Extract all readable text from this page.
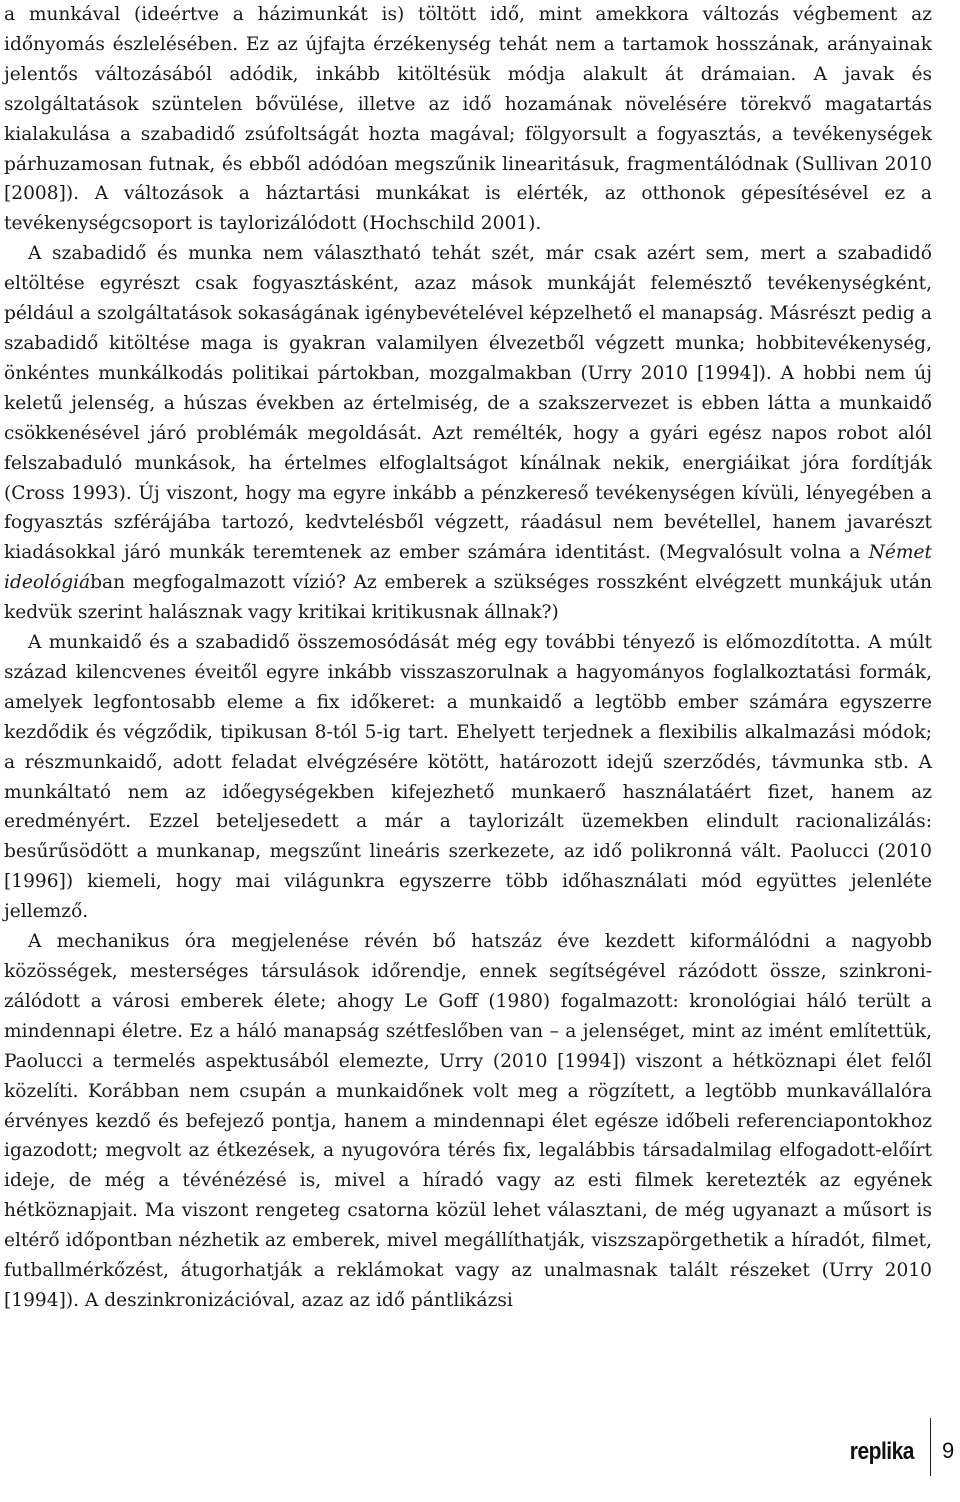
a munkával (ideértve a házimunkát is) töltött idő, mint amekkora változás végbement az időnyomás észlelésében. Ez az újfajta érzékenység tehát nem a tartamok hosszának, arányainak jelentős változásából adódik, inkább kitöltésük módja alakult át drámaian. A javak és szolgáltatások szüntelen bővülése, illetve az idő hozamának növelésére törekvő magatartás kialakulása a szabadidő zsúfoltságát hozta magával; fölgyorsult a fogyasztás, a tevékenységek párhuzamosan futnak, és ebből adódóan megszűnik linearitásuk, fragmentálódnak (Sullivan 2010 [2008]). A változások a háztartási munkákat is elérték, az otthonok gépesítésével ez a tevékenységcsoport is taylorizálódott (Hochschild 2001).

A szabadidő és munka nem választható tehát szét, már csak azért sem, mert a szabadidő eltöltése egyrészt csak fogyasztásként, azaz mások munkáját felemésztő tevékenységként, például a szolgáltatások sokaságának igénybevételével képzelhető el manapság. Másrészt pedig a szabadidő kitöltése maga is gyakran valamilyen élvezetből végzett munka; hobbitevékenység, önkéntes munkálkodás politikai pártokban, mozgalmakban (Urry 2010 [1994]). A hobbi nem új keletű jelenség, a húszas években az értelmiség, de a szakszervezet is ebben látta a munkaidő csökkenésével járó problémák megoldását. Azt remélték, hogy a gyári egész napos robot alól felszabaduló munkások, ha értelmes elfoglaltságot kínálnak nekik, energiáikat jóra fordítják (Cross 1993). Új viszont, hogy ma egyre inkább a pénzkereső tevékenységen kívüli, lényegében a fogyasztás szférájába tartozó, kedvtelésből végzett, ráadásul nem bevétellel, hanem javarészt kiadásokkal járó munkák teremtenek az ember számára identitást. (Megvalósult volna a Német ideológiában megfogalmazott vízió? Az emberek a szükséges rosszként elvégzett munkájuk után kedvük szerint halásznak vagy kritikai kritikusnak állnak?)

A munkaidő és a szabadidő összemosódását még egy további tényező is előmozdította. A múlt század kilencvenes éveitől egyre inkább visszaszorulnak a hagyományos foglalkoztatási formák, amelyek legfontosabb eleme a fix időkeret: a munkaidő a legtöbb ember számára egyszerre kezdődik és végződik, tipikusan 8-tól 5-ig tart. Ehelyett terjednek a flexibilis alkalmazási módok; a részmunkaidő, adott feladat elvégzésére kötött, határozott idejű szerződés, távmunka stb. A munkáltató nem az időegységekben kifejezhető munkaerő használatáért fizet, hanem az eredményért. Ezzel beteljesedett a már a taylorizált üzemekben elindult racionalizálás: besűrűsödött a munkanap, megszűnt lineáris szerkezete, az idő polikronná vált. Paolucci (2010 [1996]) kiemeli, hogy mai világunkra egyszerre több időhasználati mód együttes jelenléte jellemző.

A mechanikus óra megjelenése révén bő hatszáz éve kezdett kiformálódni a nagyobb közösségek, mesterséges társulások időrendje, ennek segítségével rázódott össze, szinkronizálódott a városi emberek élete; ahogy Le Goff (1980) fogalmazott: kronológiai háló terült a mindennapi életre. Ez a háló manapság szétfeslőben van – a jelenséget, mint az imént említettük, Paolucci a termelés aspektusából elemezte, Urry (2010 [1994]) viszont a hétköznapi élet felől közelíti. Korábban nem csupán a munkaidőnek volt meg a rögzített, a legtöbb munkavállalóra érvényes kezdő és befejező pontja, hanem a mindennapi élet egésze időbeli referenciapontokhoz igazodott; megvolt az étkezések, a nyugovóra térés fix, legalábbis társadalmilag elfogadott-előírt ideje, de még a tévénézésé is, mivel a híradó vagy az esti filmek keretezték az egyének hétköznapjait. Ma viszont rengeteg csatorna közül lehet választani, de még ugyanazt a műsort is eltérő időpontban nézhetik az emberek, mivel megállíthatják, viszszapörgethetik a híradót, filmet, futballmérkőzést, átugorhatják a reklámokat vagy az unalmasnak talált részeket (Urry 2010 [1994]). A deszinkronizációval, azaz az idő pántlikázsi

replika 9
